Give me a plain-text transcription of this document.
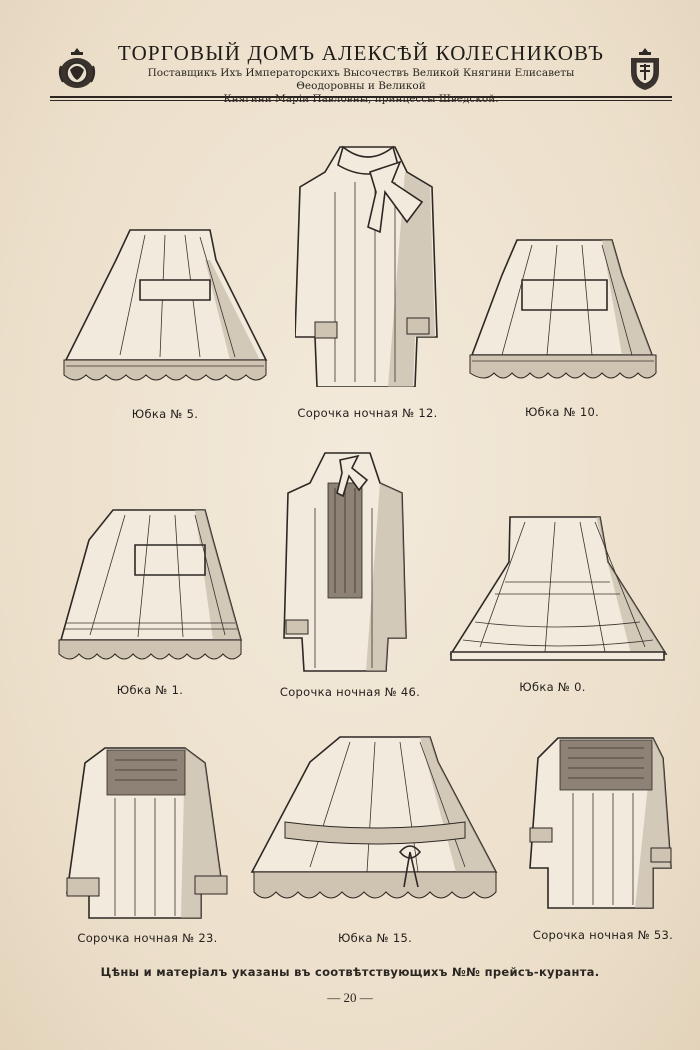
ТОРГОВЫЙ ДОМЪ АЛЕКСѢЙ КОЛЕСНИКОВЪ
Поставщикъ Ихъ Императорскихъ Высочествъ Великой Княгини Елисаветы Θеодоровны и Великой
Княгини Маріи Павловны, принцессы Шведской.
Юбка № 5.	Сорочка ночная № 12.	Юбка № 10.
Юбка № 1.	Сорочка ночная № 46.	Юбка № 0.
Сорочка ночная № 23.	Юбка № 15.	Сорочка ночная № 53.
Цѣны и матеріалъ указаны въ соотвѣтствующихъ №№ прейсъ-куранта.
— 20 —
